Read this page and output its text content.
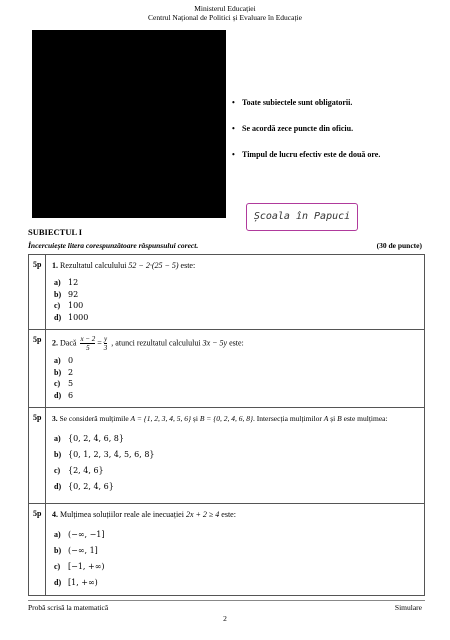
Ministerul Educației
Centrul Național de Politici și Evaluare în Educație
• Toate subiectele sunt obligatorii.
• Se acordă zece puncte din oficiu.
• Timpul de lucru efectiv este de două ore.
Școala în Papuci
SUBIECTUL I
Încercuiește litera corespunzătoare răspunsului corect.	(30 de puncte)
5p	1. Rezultatul calculului 52 − 2·(25 − 5) este:
a) 12
b) 92
c) 100
d) 1000
5p	2. Dacă $\frac{x - 2}{5} = \frac{y}{3}$ , atunci rezultatul calculului 3x − 5y este:
a) 0
b) 2
c) 5
d) 6
5p	3. Se consideră mulțimile A = {1, 2, 3, 4, 5, 6} și B = {0, 2, 4, 6, 8}. Intersecția mulțimilor A și B este mulțimea:
a) {0, 2, 4, 6, 8}
b) {0, 1, 2, 3, 4, 5, 6, 8}
c) {2, 4, 6}
d) {0, 2, 4, 6}
5p	4. Mulțimea soluțiilor reale ale inecuației 2x + 2 ≥ 4 este:
a) (−∞, −1]
b) (−∞, 1]
c) [−1, +∞)
d) [1, +∞)
Probă scrisă la matematică	Simulare
2
